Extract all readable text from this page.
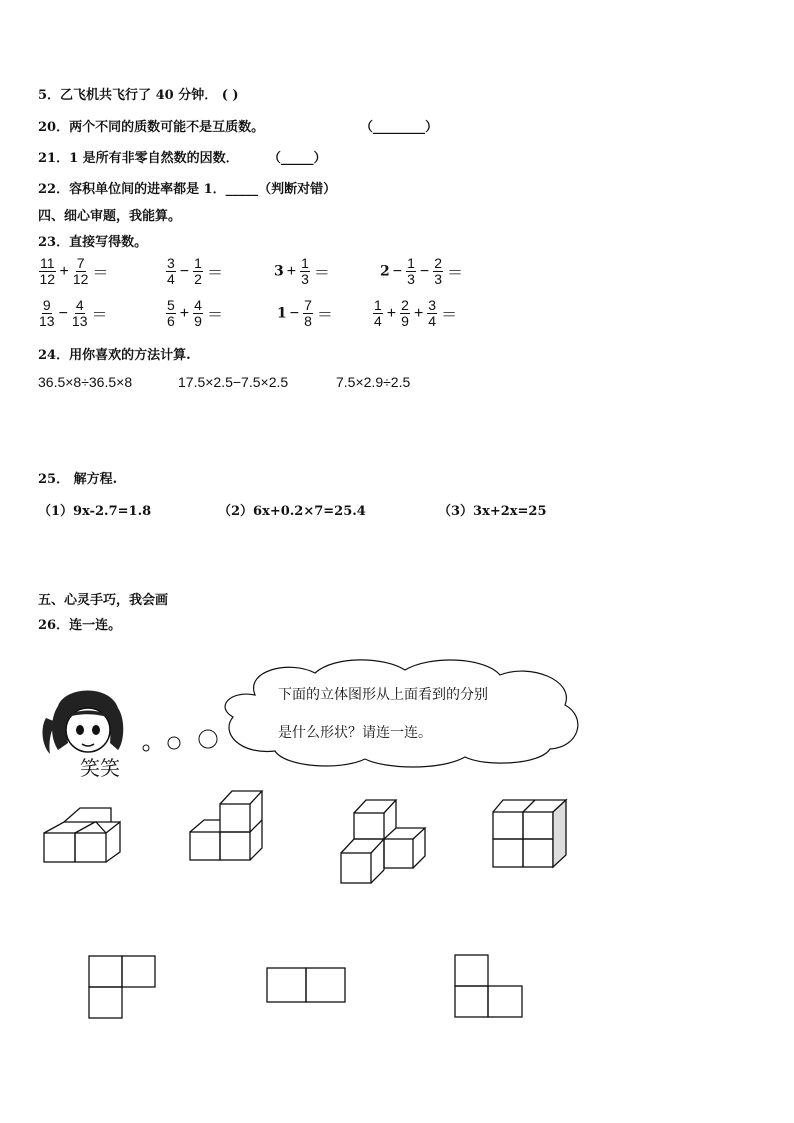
5．乙飞机共飞行了 40 分钟． ( )
20．两个不同的质数可能不是互质数。	（________）
21．1 是所有非零自然数的因数． （_____）
22．容积单位间的进率都是 1．_____（判断对错）
四、细心审题，我能算。
23．直接写得数。
$\frac{11}{12} + \frac{7}{12}$ ＝	$\frac{3}{4} - \frac{1}{2}$ ＝	$3 + \frac{1}{3}$ ＝	$2 - \frac{1}{3} - \frac{2}{3}$ ＝
$\frac{9}{13} - \frac{4}{13}$ ＝	$\frac{5}{6} + \frac{4}{9}$ ＝	$1 - \frac{7}{8}$ ＝	$\frac{1}{4} + \frac{2}{9} + \frac{3}{4}$ ＝
24．用你喜欢的方法计算.
36.5×8÷36.5×8	17.5×2.5−7.5×2.5	7.5×2.9÷2.5
25． 解方程.
（1）9x-2.7=1.8	（2）6x+0.2×7=25.4	（3）3x+2x=25
五、心灵手巧，我会画
26．连一连。
下面的立体图形从上面看到的分别
是什么形状？请连一连。
笑笑
